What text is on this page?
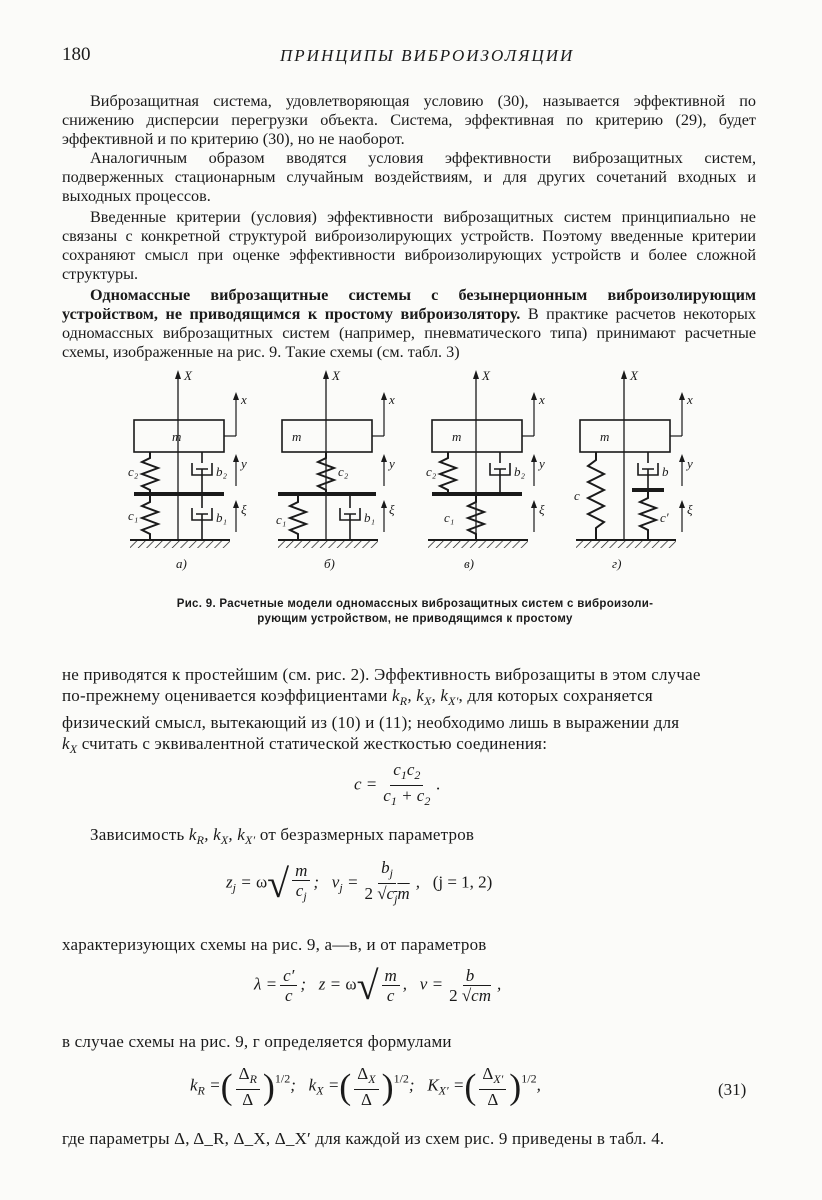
180	ПРИНЦИПЫ ВИБРОИЗОЛЯЦИИ

Виброзащитная система, удовлетворяющая условию (30), называется эффективной по снижению дисперсии перегрузки объекта. Система, эффективная по критерию (29), будет эффективной и по критерию (30), но не наоборот.

Аналогичным образом вводятся условия эффективности виброзащитных систем, подверженных стационарным случайным воздействиям, и для других сочетаний входных и выходных процессов.

Введенные критерии (условия) эффективности виброзащитных систем принципиально не связаны с конкретной структурой виброизолирующих устройств. Поэтому введенные критерии сохраняют смысл при оценке эффективности виброизолирующих устройств и более сложной структуры.

Одномассные виброзащитные системы с безынерционным виброизолирующим устройством, не приводящимся к простому виброизолятору. В практике расчетов некоторых одномассных виброзащитных систем (например, пневматического типа) принимают расчетные схемы, изображенные на рис. 9. Такие схемы (см. табл. 3)

X
m
x
c₂	b₂
y
c₁	b₁
ξ
а)
X
m
x
c₂
y
c₁	b₁
ξ
б)
X
m
x
c₂	b₂
y
c₁
ξ
в)
X
m
x
c
b
y
c′
ξ
г)
Рис. 9. Расчетные модели одномассных виброзащитных систем с виброизоли-
рующим устройством, не приводящимся к простому
не приводятся к простейшим (см. рис. 2). Эффективность виброзащиты в этом случае
по-прежнему оценивается коэффициентами $k_R$, $k_X$, $k_{X'}$, для которых сохраняется
физический смысл, вытекающий из (10) и (11); необходимо лишь в выражении для
$k_X$ считать с эквивалентной статической жесткостью соединения:
$c = \frac{c_1c_2}{c_1 + c_2}$ .
Зависимость $k_R$, $k_X$, $k_{X'}$ от безразмерных параметров
$z_j = \omega√ \frac{m}{c_j}$ ;   $\nu_j = \frac{b_j}{2 √c_jm}$ ,   (j = 1, 2)
характеризующих схемы на рис. 9, а—в, и от параметров
$\lambda = \frac{c'}{c}$ ;   $z = \omega√ \frac{m}{c}$ ,   $\nu = \frac{b}{2 √cm}$ ,
в случае схемы на рис. 9, г определяется формулами
$k_R$ =( $\frac{\Delta_R}{\Delta} )^{1/2}$;   $k_X$ =( $\frac{\Delta_X}{\Delta} )^{1/2}$;   $K_{X'}$ =( $\frac{\Delta_{X'}}{\Delta} )^{1/2}$,	(31)
где параметры Δ, Δ_R, Δ_X, Δ_X′ для каждой из схем рис. 9 приведены в табл. 4.
